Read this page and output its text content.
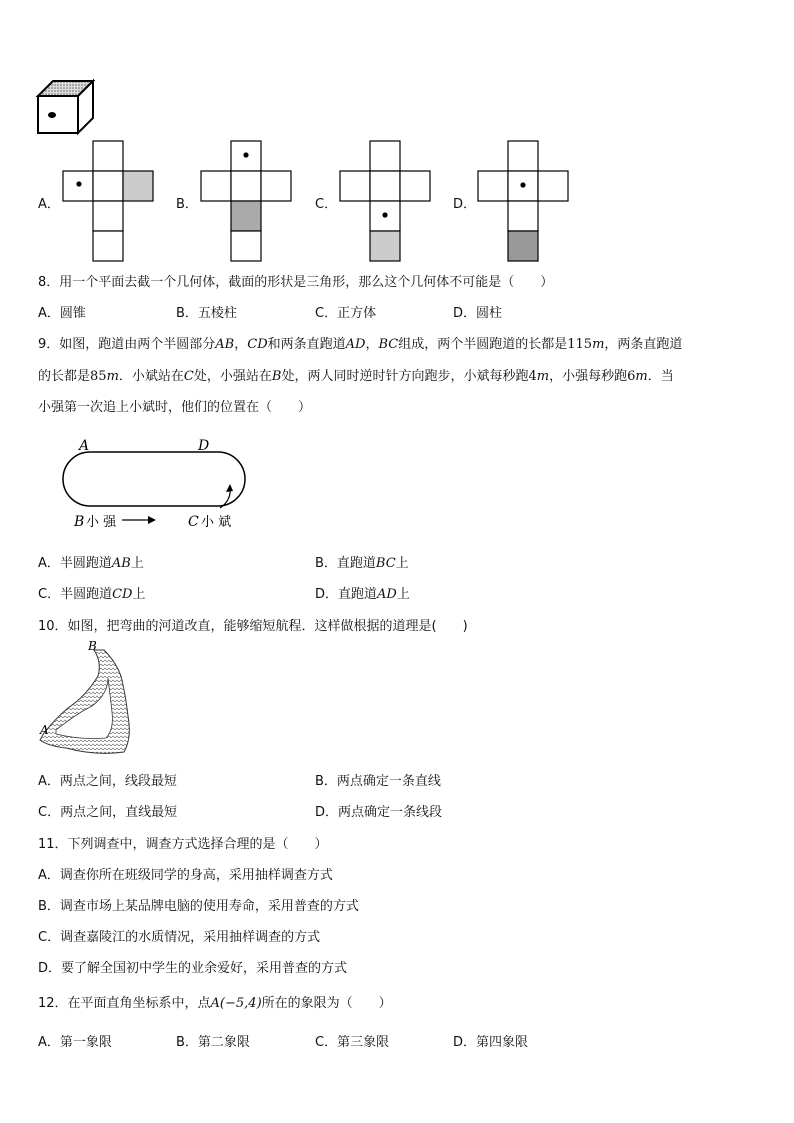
A．	B．	C．	D．
8．用一个平面去截一个几何体，截面的形状是三角形，那么这个几何体不可能是（　　）
A．圆锥	B．五棱柱	C．正方体	D．圆柱
9．如图，跑道由两个半圆部分AB，CD和两条直跑道AD，BC组成，两个半圆跑道的长都是115m，两条直跑道
的长都是85m．小斌站在C处，小强站在B处，两人同时逆时针方向跑步，小斌每秒跑4m，小强每秒跑6m．当
小强第一次追上小斌时，他们的位置在（　　）
A	D
B 小 强	C 小 斌
A．半圆跑道AB上	B．直跑道BC上
C．半圆跑道CD上	D．直跑道AD上
10．如图，把弯曲的河道改直，能够缩短航程．这样做根据的道理是(　　)
B
A
A．两点之间，线段最短	B．两点确定一条直线
C．两点之间，直线最短	D．两点确定一条线段
11．下列调查中，调查方式选择合理的是（　　）
A．调查你所在班级同学的身高，采用抽样调查方式
B．调查市场上某品牌电脑的使用寿命，采用普查的方式
C．调查嘉陵江的水质情况，采用抽样调查的方式
D．要了解全国初中学生的业余爱好，采用普查的方式
12．在平面直角坐标系中，点A(−5,4)所在的象限为（　　）
A．第一象限	B．第二象限	C．第三象限	D．第四象限
